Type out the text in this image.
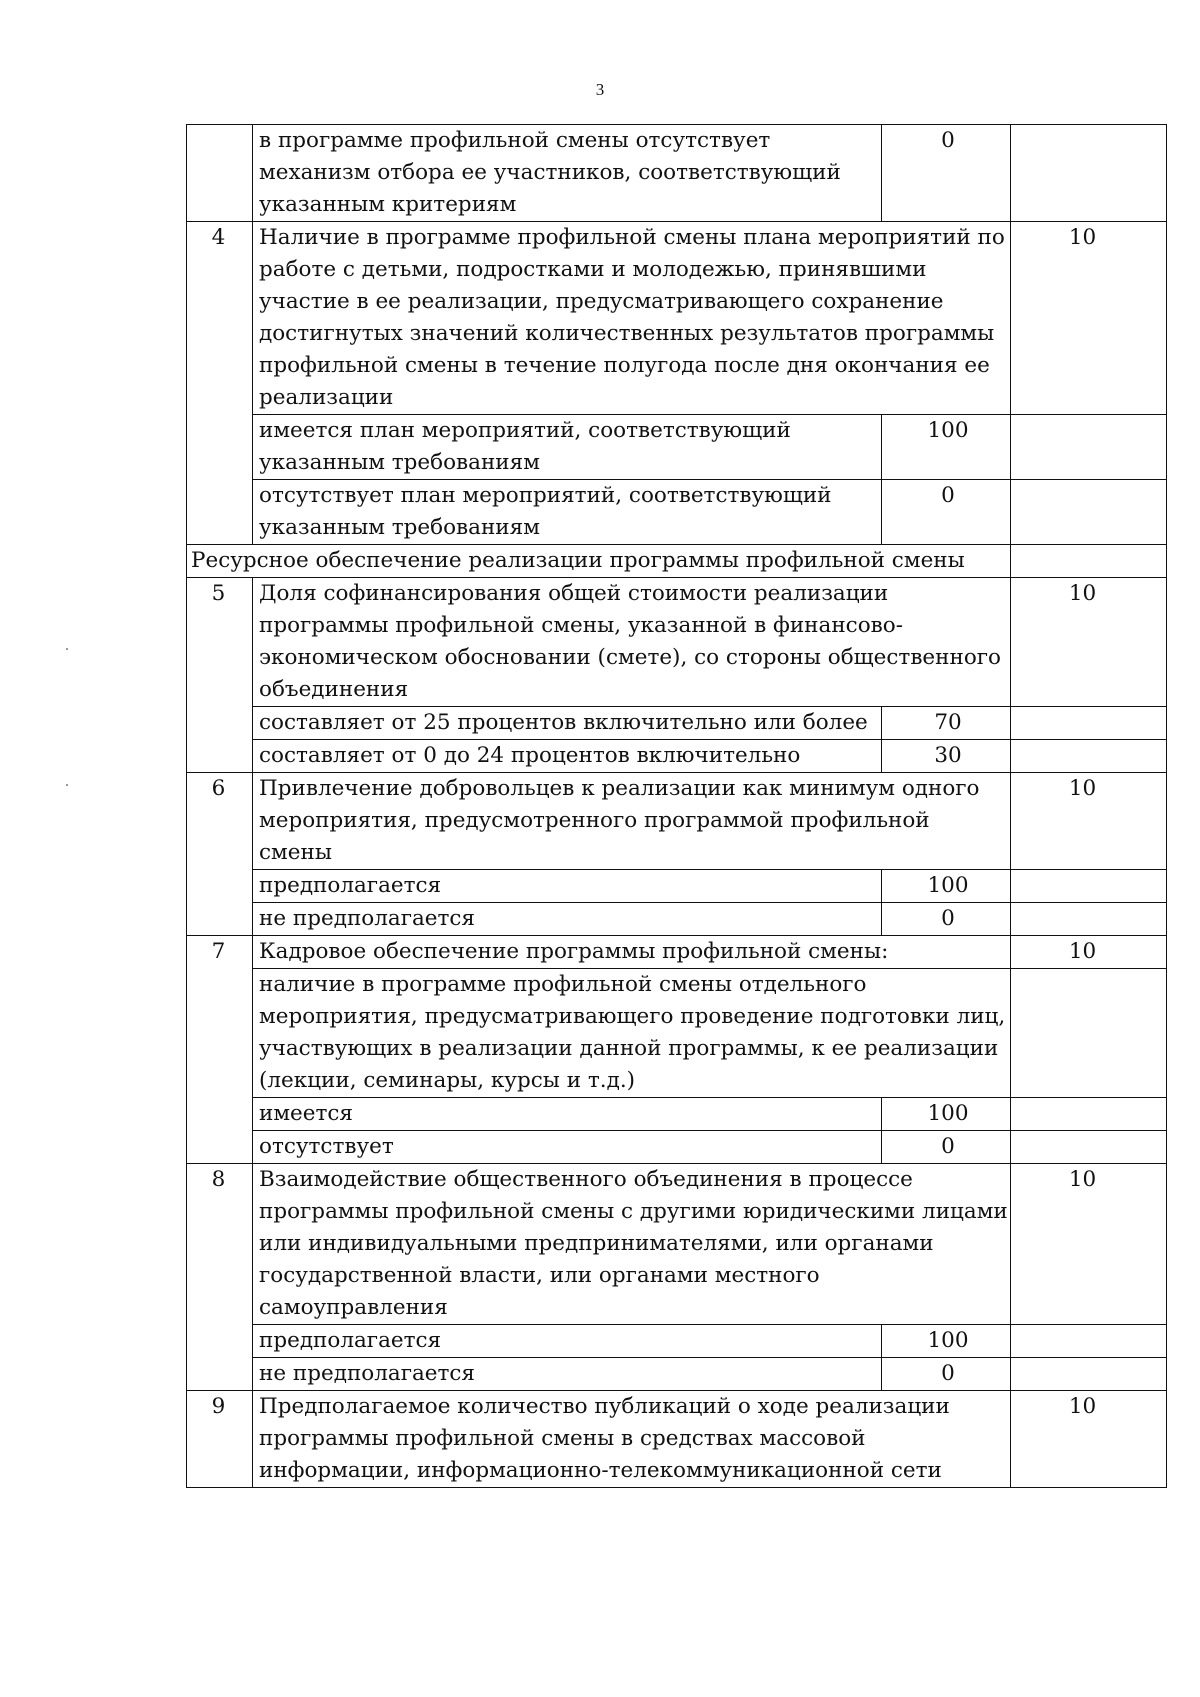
3
	в программе профильной смены отсутствует механизм отбора ее участников, соответствующий указанным критериям	0	
4	Наличие в программе профильной смены плана мероприятий по работе с детьми, подростками и молодежью, принявшими участие в ее реализации, предусматривающего сохранение достигнутых значений количественных результатов программы профильной смены в течение полугода после дня окончания ее реализации		10
	имеется план мероприятий, соответствующий указанным требованиям	100	
	отсутствует план мероприятий, соответствующий указанным требованиям	0	
Ресурсное обеспечение реализации программы профильной смены			
5	Доля софинансирования общей стоимости реализации программы профильной смены, указанной в финансово-экономическом обосновании (смете), со стороны общественного объединения		10
	составляет от 25 процентов включительно или более	70	
	составляет от 0 до 24 процентов включительно	30	
6	Привлечение добровольцев к реализации как минимум одного мероприятия, предусмотренного программой профильной смены		10
	предполагается	100	
	не предполагается	0	
7	Кадровое обеспечение программы профильной смены:		10
	наличие в программе профильной смены отдельного мероприятия, предусматривающего проведение подготовки лиц, участвующих в реализации данной программы, к ее реализации (лекции, семинары, курсы и т.д.)		
	имеется	100	
	отсутствует	0	
8	Взаимодействие общественного объединения в процессе программы профильной смены с другими юридическими лицами или индивидуальными предпринимателями, или органами государственной власти, или органами местного самоуправления		10
	предполагается	100	
	не предполагается	0	
9	Предполагаемое количество публикаций о ходе реализации программы профильной смены в средствах массовой информации, информационно-телекоммуникационной сети		10
